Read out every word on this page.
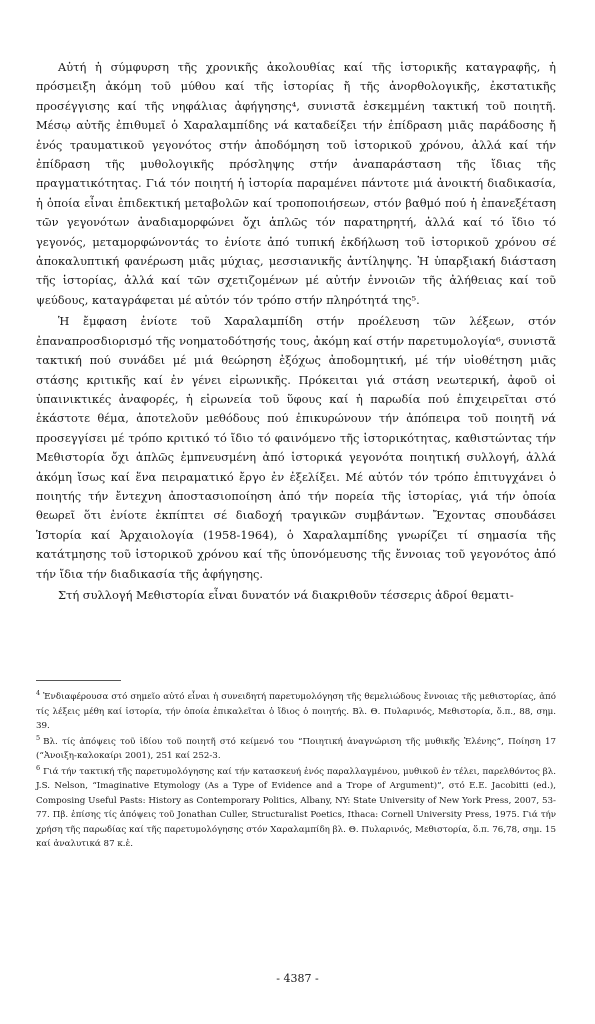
Αὐτή ἡ σύμφυρση τῆς χρονικῆς ἀκολουθίας καί τῆς ἱστορικῆς καταγραφῆς, ἡ πρόσμειξη ἀκόμη τοῦ μύθου καί τῆς ἱστορίας ἤ τῆς ἀνορθολογικῆς, ἐκστατικῆς προσέγγισης καί τῆς νηφάλιας ἀφήγησης⁴, συνιστᾶ ἐσκεμμένη τακτική τοῦ ποιητῆ. Μέσῳ αὐτῆς ἐπιθυμεῖ ὁ Χαραλαμπίδης νά καταδείξει τήν ἐπίδραση μιᾶς παράδοσης ἤ ἑνός τραυματικοῦ γεγονότος στήν ἀποδόμηση τοῦ ἱστορικοῦ χρόνου, ἀλλά καί τήν ἐπίδραση τῆς μυθολογικῆς πρόσληψης στήν ἀναπαράσταση τῆς ἴδιας τῆς πραγματικότητας. Γιά τόν ποιητή ἡ ἱστορία παραμένει πάντοτε μιά ἀνοικτή διαδικασία, ἡ ὁποία εἶναι ἐπιδεκτική μεταβολῶν καί τροποποιήσεων, στόν βαθμό πού ἡ ἐπανεξέταση τῶν γεγονότων ἀναδιαμορφώνει ὄχι ἁπλῶς τόν παρατηρητή, ἀλλά καί τό ἴδιο τό γεγονός, μεταμορφώνοντάς το ἐνίοτε ἀπό τυπική ἐκδήλωση τοῦ ἱστορικοῦ χρόνου σέ ἀποκαλυπτική φανέρωση μιᾶς μύχιας, μεσσιανικῆς ἀντίληψης. Ἡ ὑπαρξιακή διάσταση τῆς ἱστορίας, ἀλλά καί τῶν σχετιζομένων μέ αὐτήν ἐννοιῶν τῆς ἀλήθειας καί τοῦ ψεύδους, καταγράφεται μέ αὐτόν τόν τρόπο στήν πληρότητά της⁵.

Ἡ ἔμφαση ἐνίοτε τοῦ Χαραλαμπίδη στήν προέλευση τῶν λέξεων, στόν ἐπαναπροσδιορισμό τῆς νοηματοδότησής τους, ἀκόμη καί στήν παρετυμολογία⁶, συνιστᾶ τακτική πού συνάδει μέ μιά θεώρηση ἐξόχως ἀποδομητική, μέ τήν υἱοθέτηση μιᾶς στάσης κριτικῆς καί ἐν γένει εἰρωνικῆς. Πρόκειται γιά στάση νεωτερική, ἀφοῦ οἱ ὑπαινικτικές ἀναφορές, ἡ εἰρωνεία τοῦ ὕφους καί ἡ παρωδία πού ἐπιχειρεῖται στό ἑκάστοτε θέμα, ἀποτελοῦν μεθόδους πού ἐπικυρώνουν τήν ἀπόπειρα τοῦ ποιητῆ νά προσεγγίσει μέ τρόπο κριτικό τό ἴδιο τό φαινόμενο τῆς ἱστορικότητας, καθιστώντας τήν Μεθιστορία ὄχι ἁπλῶς ἐμπνευσμένη ἀπό ἱστορικά γεγονότα ποιητική συλλογή, ἀλλά ἀκόμη ἴσως καί ἕνα πειραματικό ἔργο ἐν ἐξελίξει. Μέ αὐτόν τόν τρόπο ἐπιτυγχάνει ὁ ποιητής τήν ἔντεχνη ἀποστασιοποίηση ἀπό τήν πορεία τῆς ἱστορίας, γιά τήν ὁποία θεωρεῖ ὅτι ἐνίοτε ἐκπίπτει σέ διαδοχή τραγικῶν συμβάντων. Ἔχοντας σπουδάσει Ἱστορία καί Ἀρχαιολογία (1958-1964), ὁ Χαραλαμπίδης γνωρίζει τί σημασία τῆς κατάτμησης τοῦ ἱστορικοῦ χρόνου καί τῆς ὑπονόμευσης τῆς ἔννοιας τοῦ γεγονότος ἀπό τήν ἴδια τήν διαδικασία τῆς ἀφήγησης.

Στή συλλογή Μεθιστορία εἶναι δυνατόν νά διακριθοῦν τέσσερις ἁδροί θεματι-

$^4$ Ἐνδιαφέρουσα στό σημεῖο αὐτό εἶναι ἡ συνειδητή παρετυμολόγηση τῆς θεμελιώδους ἔννοιας τῆς μεθιστορίας, ἀπό τίς λέξεις μέθη καί ἱστορία, τήν ὁποία ἐπικαλεῖται ὁ ἴδιος ὁ ποιητής. Βλ. Θ. Πυλαρινός, Μεθιστορία, ὅ.π., 88, σημ. 39.

$^5$ Βλ. τίς ἀπόψεις τοῦ ἰδίου τοῦ ποιητῆ στό κείμενό του “Ποιητική ἀναγνώριση τῆς μυθικῆς Ἑλένης”, Ποίηση 17 (“Ἀνοιξη-καλοκαίρι 2001), 251 καί 252-3.

$^6$ Γιά τήν τακτική τῆς παρετυμολόγησης καί τήν κατασκευή ἑνός παραλλαγμένου, μυθικοῦ ἐν τέλει, παρελθόντος βλ. J.S. Nelson, “Imaginative Etymology (As a Type of Evidence and a Trope of Argument)”, στό E.E. Jacobitti (ed.), Composing Useful Pasts: History as Contemporary Politics, Albany, NY: State University of New York Press, 2007, 53-77. Πβ. ἐπίσης τίς ἀπόψεις τοῦ Jonathan Culler, Structuralist Poetics, Ithaca: Cornell University Press, 1975. Γιά τήν χρήση τῆς παρωδίας καί τῆς παρετυμολόγησης στόν Χαραλαμπίδη βλ. Θ. Πυλαρινός, Μεθιστορία, ὅ.π. 76,78, σημ. 15 καί ἀναλυτικά 87 κ.ἑ.

- 4387 -
